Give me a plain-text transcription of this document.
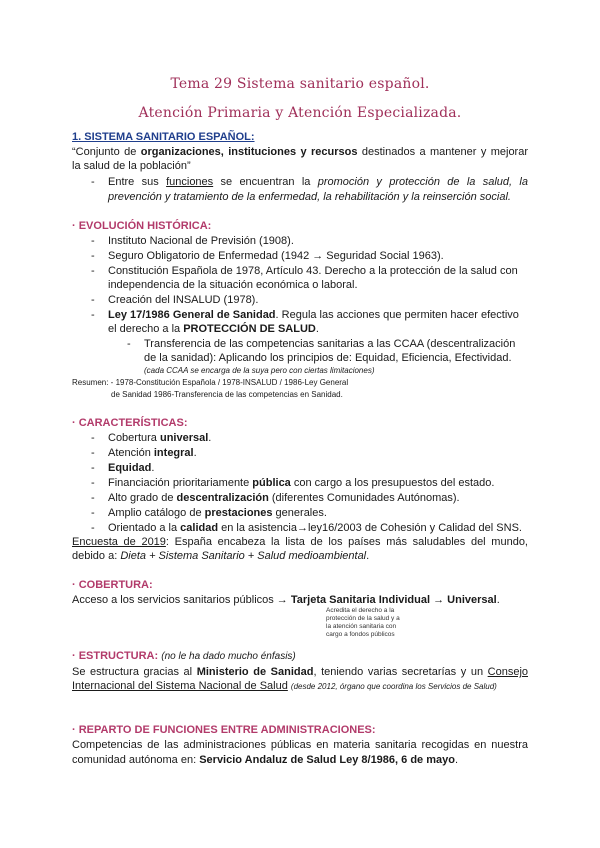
Tema 29 Sistema sanitario español.
Atención Primaria y Atención Especializada.
1. SISTEMA SANITARIO ESPAÑOL:
“Conjunto de organizaciones, instituciones y recursos destinados a mantener y mejorar
la salud de la población”
- Entre sus funciones se encuentran la promoción y protección de la salud, la
prevención y tratamiento de la enfermedad, la rehabilitación y la reinserción social.
· EVOLUCIÓN HISTÓRICA:
- Instituto Nacional de Previsión (1908).
- Seguro Obligatorio de Enfermedad (1942 → Seguridad Social 1963).
- Constitución Española de 1978, Artículo 43. Derecho a la protección de la salud con
independencia de la situación económica o laboral.
- Creación del INSALUD (1978).
- Ley 17/1986 General de Sanidad. Regula las acciones que permiten hacer efectivo
el derecho a la PROTECCIÓN DE SALUD.
- Transferencia de las competencias sanitarias a las CCAA (descentralización
de la sanidad): Aplicando los principios de: Equidad, Eficiencia, Efectividad.
(cada CCAA se encarga de la suya pero con ciertas limitaciones)
Resumen: - 1978-Constitución Española / 1978-INSALUD / 1986-Ley General
de Sanidad 1986-Transferencia de las competencias en Sanidad.
· CARACTERÍSTICAS:
- Cobertura universal.
- Atención integral.
- Equidad.
- Financiación prioritariamente pública con cargo a los presupuestos del estado.
- Alto grado de descentralización (diferentes Comunidades Autónomas).
- Amplio catálogo de prestaciones generales.
- Orientado a la calidad en la asistencia→ley16/2003 de Cohesión y Calidad del SNS.
Encuesta de 2019: España encabeza la lista de los países más saludables del mundo,
debido a: Dieta + Sistema Sanitario + Salud medioambiental.
· COBERTURA:
Acceso a los servicios sanitarios públicos → Tarjeta Sanitaria Individual → Universal.
Acredita el derecho a la
protección de la salud y a
la atención sanitaria con
cargo a fondos públicos
· ESTRUCTURA: (no le ha dado mucho énfasis)
Se estructura gracias al Ministerio de Sanidad, teniendo varias secretarías y un Consejo
Internacional del Sistema Nacional de Salud (desde 2012, órgano que coordina los Servicios de Salud)
· REPARTO DE FUNCIONES ENTRE ADMINISTRACIONES:
Competencias de las administraciones públicas en materia sanitaria recogidas en nuestra
comunidad autónoma en: Servicio Andaluz de Salud Ley 8/1986, 6 de mayo.
